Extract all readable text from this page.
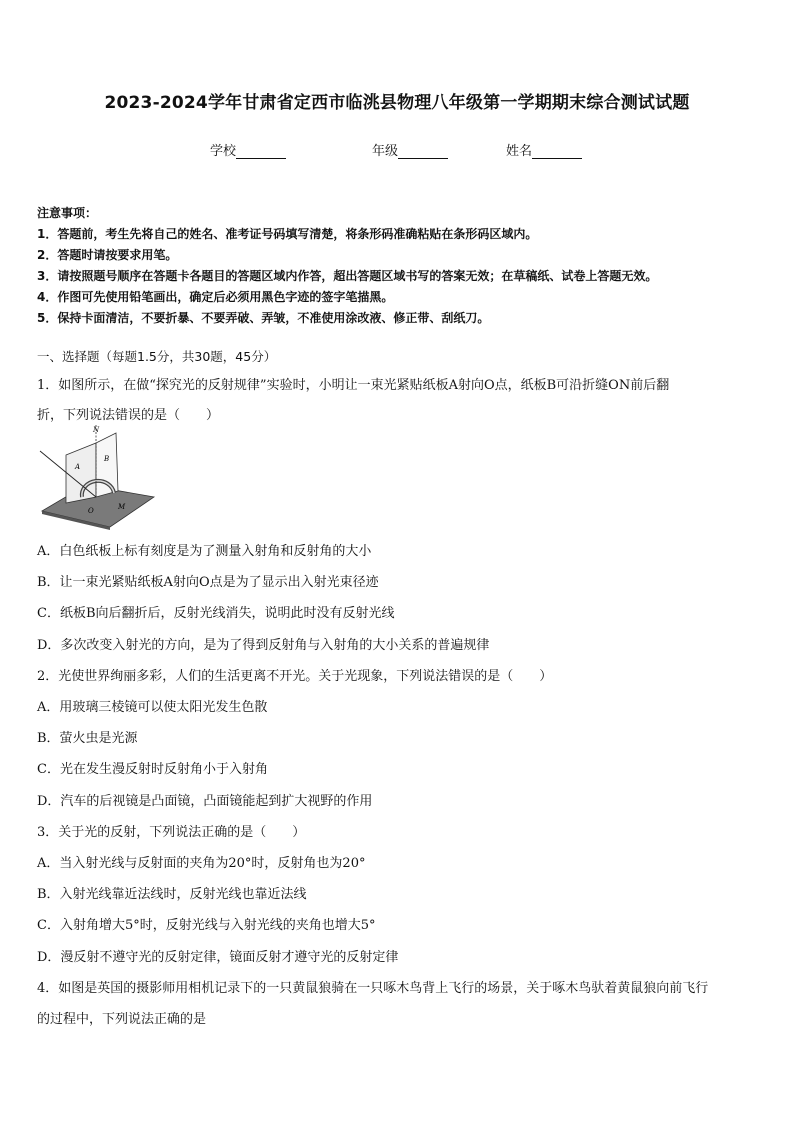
2023-2024学年甘肃省定西市临洮县物理八年级第一学期期末综合测试试题
学校	年级	姓名
注意事项：
1．答题前，考生先将自己的姓名、准考证号码填写清楚，将条形码准确粘贴在条形码区域内。
2．答题时请按要求用笔。
3．请按照题号顺序在答题卡各题目的答题区域内作答，超出答题区域书写的答案无效；在草稿纸、试卷上答题无效。
4．作图可先使用铅笔画出，确定后必须用黑色字迹的签字笔描黑。
5．保持卡面清洁，不要折暴、不要弄破、弄皱，不准使用涂改液、修正带、刮纸刀。
一、选择题（每题1.5分，共30题，45分）
1．如图所示，在做“探究光的反射规律”实验时，小明让一束光紧贴纸板A射向O点，纸板B可沿折缝ON前后翻
折，下列说法错误的是（　　）
N
A
B
O	M
A．白色纸板上标有刻度是为了测量入射角和反射角的大小
B．让一束光紧贴纸板A射向O点是为了显示出入射光束径迹
C．纸板B向后翻折后，反射光线消失，说明此时没有反射光线
D．多次改变入射光的方向，是为了得到反射角与入射角的大小关系的普遍规律
2．光使世界绚丽多彩，人们的生活更离不开光。关于光现象，下列说法错误的是（　　）
A．用玻璃三棱镜可以使太阳光发生色散
B．萤火虫是光源
C．光在发生漫反射时反射角小于入射角
D．汽车的后视镜是凸面镜，凸面镜能起到扩大视野的作用
3．关于光的反射，下列说法正确的是（　　）
A．当入射光线与反射面的夹角为20°时，反射角也为20°
B．入射光线靠近法线时，反射光线也靠近法线
C．入射角增大5°时，反射光线与入射光线的夹角也增大5°
D．漫反射不遵守光的反射定律，镜面反射才遵守光的反射定律
4．如图是英国的摄影师用相机记录下的一只黄鼠狼骑在一只啄木鸟背上飞行的场景，关于啄木鸟驮着黄鼠狼向前飞行
的过程中，下列说法正确的是
